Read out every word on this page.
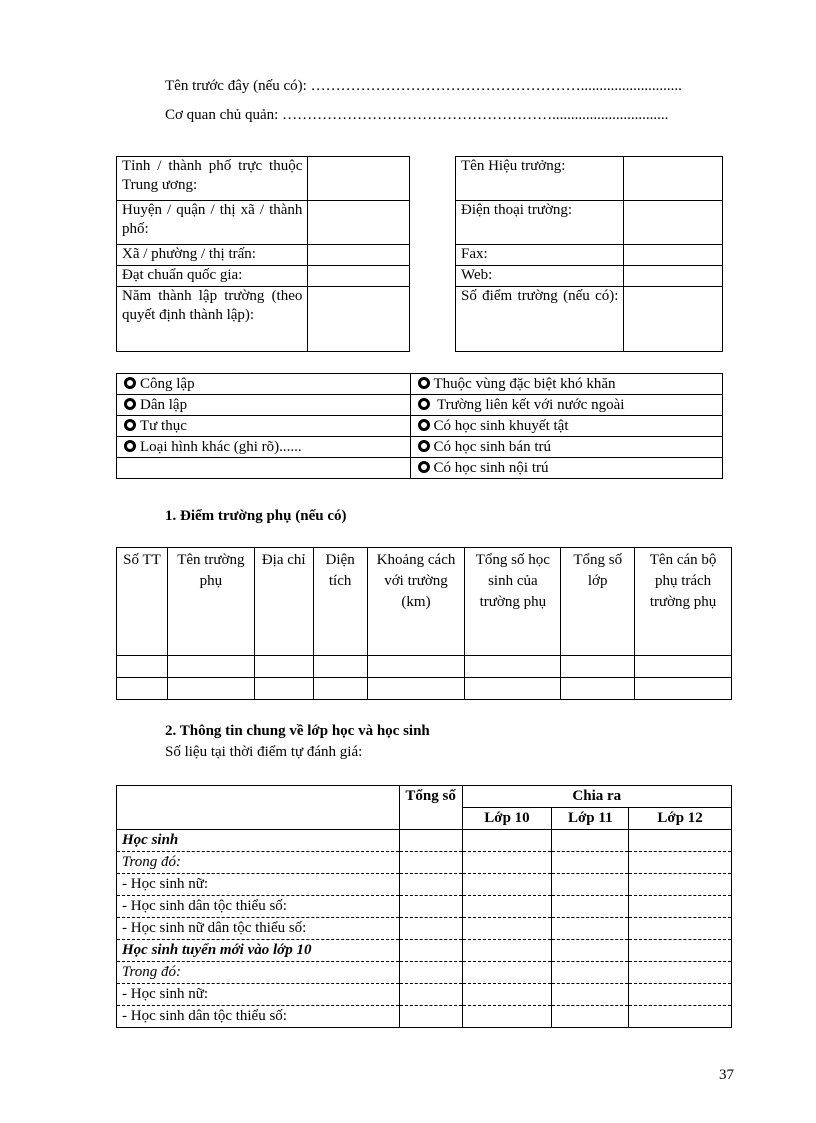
Tên trước đây (nếu có): ………………………………………………...........................
Cơ quan chủ quản: ………………………………………………...............................
Tỉnh / thành phố trực thuộc Trung ương:	
Huyện / quận / thị xã / thành phố:	
Xã / phường / thị trấn:	
Đạt chuẩn quốc gia:	
Năm thành lập trường (theo quyết định thành lập):	
Tên Hiệu trưởng:	
Điện thoại trường:	
Fax:	
Web:	
Số điểm trường (nếu có):	
Công lập	Thuộc vùng đặc biệt khó khăn
Dân lập	Trường liên kết với nước ngoài
Tư thục	Có học sinh khuyết tật
Loại hình khác (ghi rõ)......	Có học sinh bán trú
	Có học sinh nội trú
1. Điểm trường phụ (nếu có)
Số TT	Tên trường phụ	Địa chỉ	Diện tích	Khoảng cách với trường (km)	Tổng số học sinh của trường phụ	Tổng số lớp	Tên cán bộ phụ trách trường phụ

2. Thông tin chung về lớp học và học sinh
Số liệu tại thời điểm tự đánh giá:
	Tổng số	Chia ra		
		Lớp 10	Lớp 11	Lớp 12
Học sinh				
Trong đó:				
- Học sinh nữ:				
- Học sinh dân tộc thiểu số:				
- Học sinh nữ dân tộc thiểu số:				
Học sinh tuyển mới vào lớp 10				
Trong đó:				
- Học sinh nữ:				
- Học sinh dân tộc thiểu số:				
37
